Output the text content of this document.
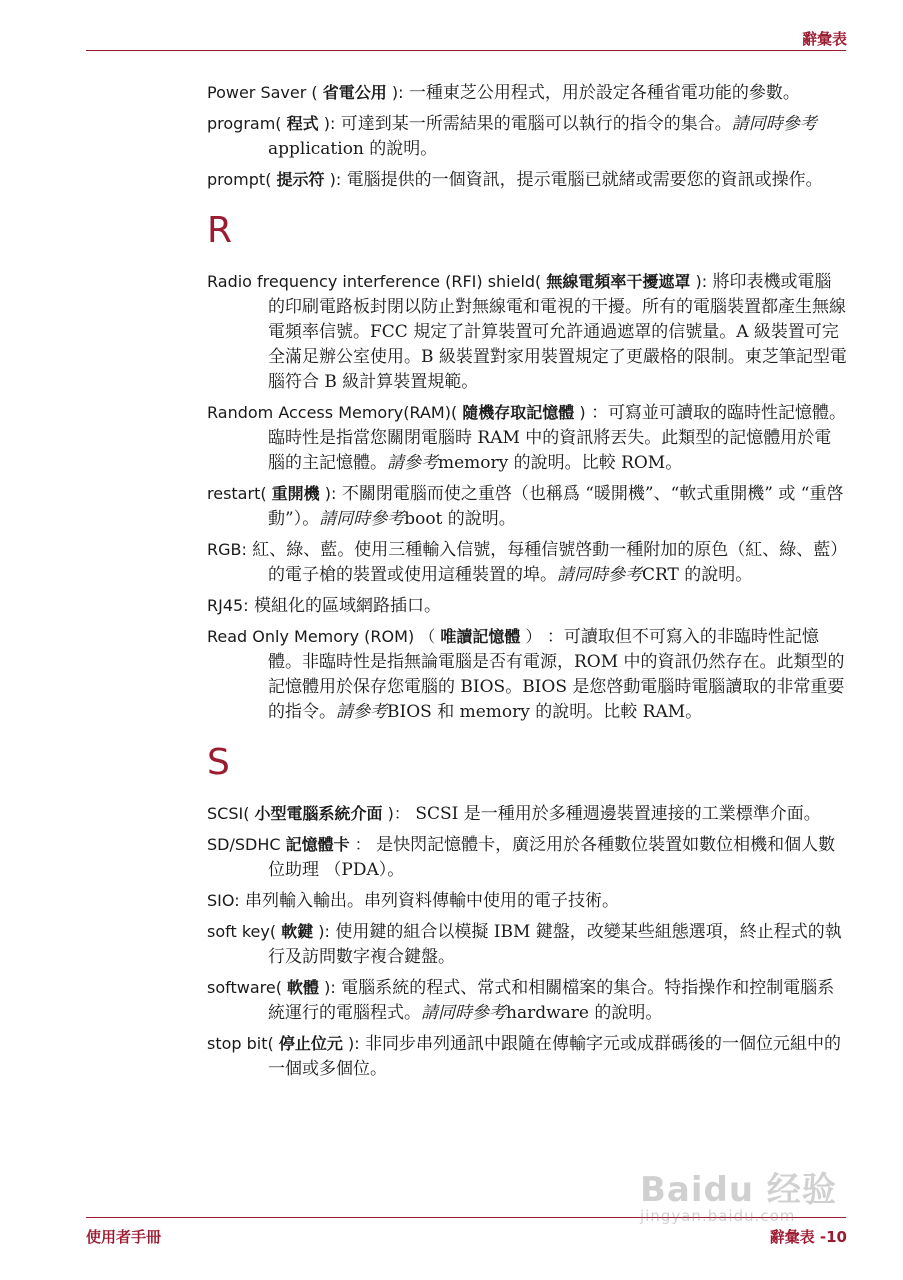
辭彙表
Power Saver ( 省電公用 ): 一種東芝公用程式，用於設定各種省電功能的參數。
program( 程式 ): 可達到某一所需結果的電腦可以執行的指令的集合。請同時參考application 的說明。
prompt( 提示符 ): 電腦提供的一個資訊，提示電腦已就緒或需要您的資訊或操作。
R
Radio frequency interference (RFI) shield( 無線電頻率干擾遮罩 ): 將印表機或電腦的印刷電路板封閉以防止對無線電和電視的干擾。所有的電腦裝置都產生無線電頻率信號。FCC 規定了計算裝置可允許通過遮罩的信號量。A 級裝置可完全滿足辦公室使用。B 級裝置對家用裝置規定了更嚴格的限制。東芝筆記型電腦符合 B 級計算裝置規範。
Random Access Memory(RAM)( 隨機存取記憶體 ) ：可寫並可讀取的臨時性記憶體。臨時性是指當您關閉電腦時 RAM 中的資訊將丟失。此類型的記憶體用於電腦的主記憶體。請參考memory 的說明。比較 ROM。
restart( 重開機 ): 不關閉電腦而使之重啓（也稱爲 “暖開機”、“軟式重開機” 或 “重啓動”）。請同時參考boot 的說明。
RGB: 紅、綠、藍。使用三種輸入信號，每種信號啓動一種附加的原色（紅、綠、藍）的電子槍的裝置或使用這種裝置的埠。請同時參考CRT 的說明。
RJ45: 模組化的區域網路插口。
Read Only Memory (ROM) （ 唯讀記憶體 ） ：可讀取但不可寫入的非臨時性記憶體。非臨時性是指無論電腦是否有電源，ROM 中的資訊仍然存在。此類型的記憶體用於保存您電腦的 BIOS。BIOS 是您啓動電腦時電腦讀取的非常重要的指令。請參考BIOS 和 memory 的說明。比較 RAM。
S
SCSI( 小型電腦系統介面 )： SCSI 是一種用於多種週邊裝置連接的工業標準介面。
SD/SDHC 記憶體卡 ： 是快閃記憶體卡，廣泛用於各種數位裝置如數位相機和個人數位助理 （PDA）。
SIO: 串列輸入輸出。串列資料傳輸中使用的電子技術。
soft key( 軟鍵 ): 使用鍵的組合以模擬 IBM 鍵盤，改變某些組態選項，終止程式的執行及訪問數字複合鍵盤。
software( 軟體 ): 電腦系統的程式、常式和相關檔案的集合。特指操作和控制電腦系統運行的電腦程式。請同時參考hardware 的說明。
stop bit( 停止位元 ): 非同步串列通訊中跟隨在傳輸字元或成群碼後的一個位元組中的一個或多個位。
使用者手冊	辭彙表 -10
Baidu 经验
jingyan.baidu.com
